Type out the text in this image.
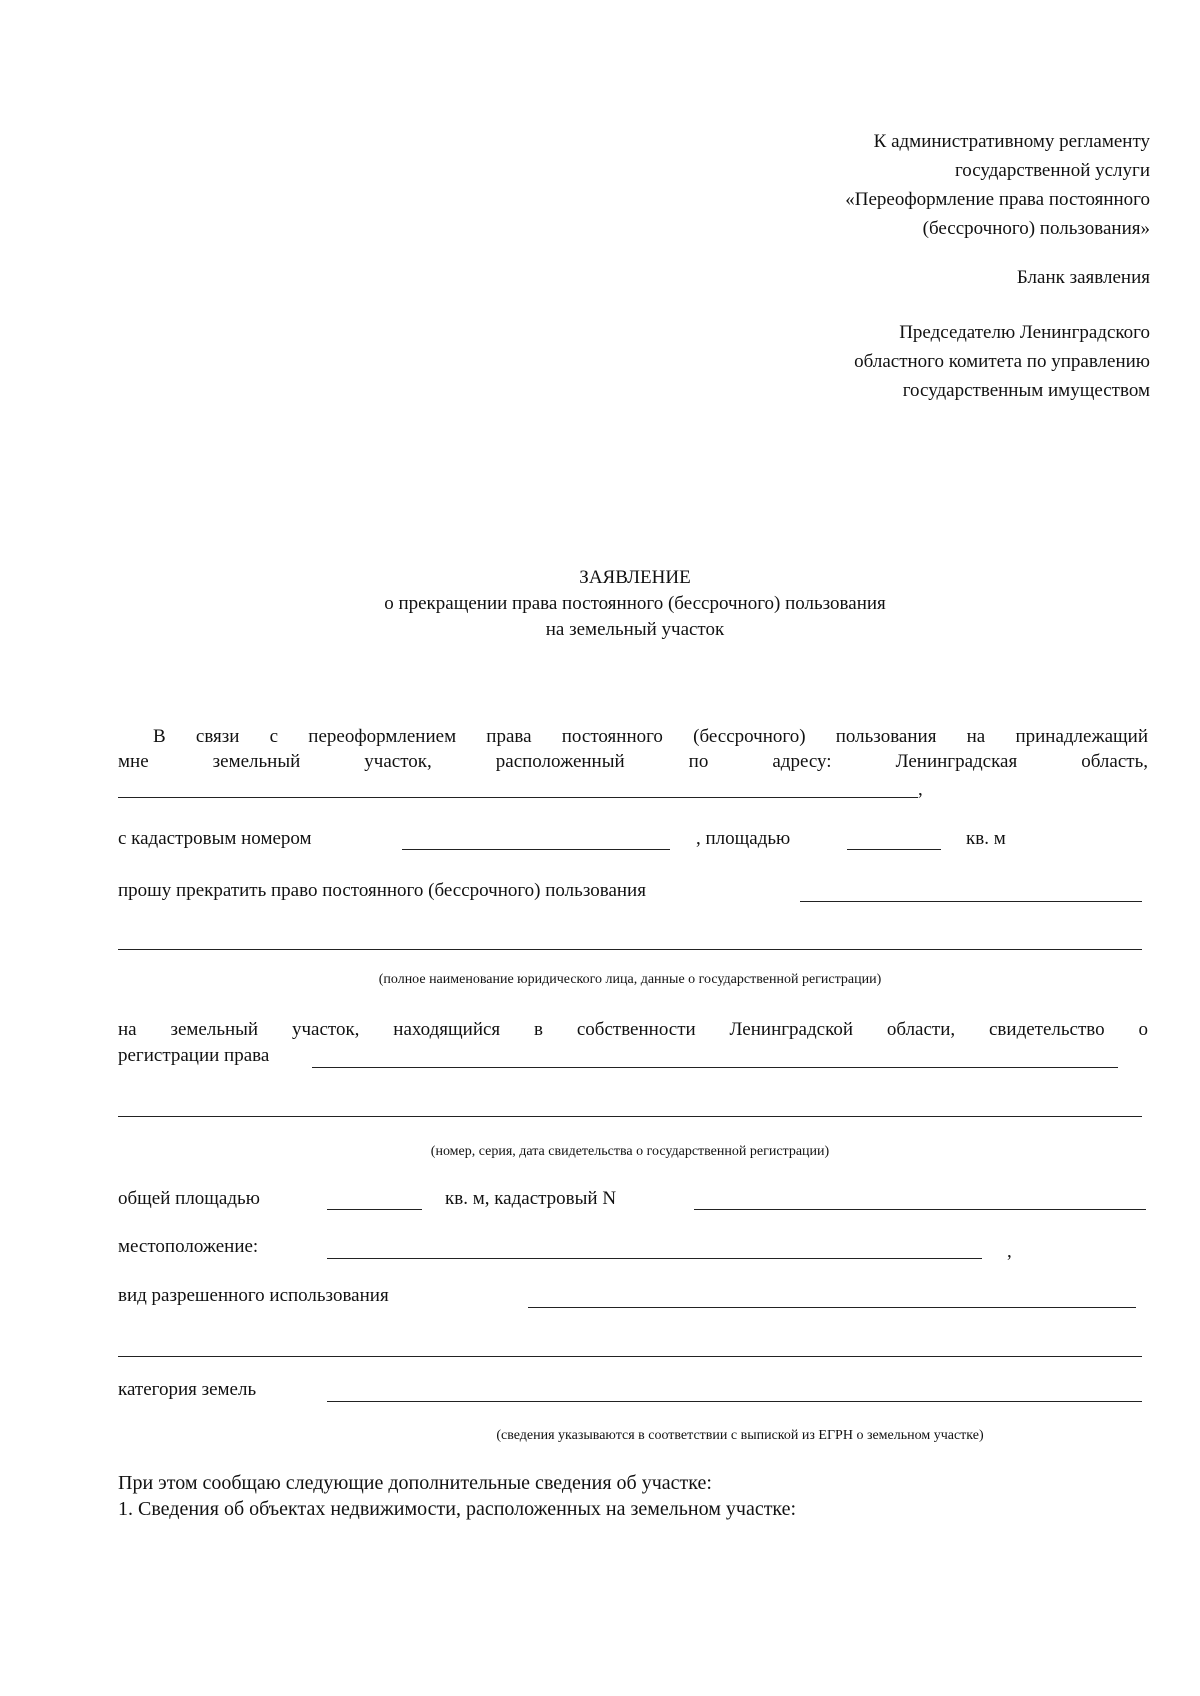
К административному регламенту
государственной услуги
«Переоформление права постоянного
(бессрочного) пользования»
Бланк заявления
Председателю Ленинградского
областного комитета по управлению
государственным имуществом
ЗАЯВЛЕНИЕ
о прекращении права постоянного (бессрочного) пользования
на земельный участок
В связи с переоформлением права постоянного (бессрочного) пользования на принадлежащий
мне земельный участок, расположенный по адресу: Ленинградская область,
,
с кадастровым номером	, площадью	кв. м
прошу прекратить право постоянного (бессрочного) пользования
(полное наименование юридического лица, данные о государственной регистрации)
на земельный участок, находящийся в собственности Ленинградской области, свидетельство о
регистрации права
(номер, серия, дата свидетельства о государственной регистрации)
общей площадью	кв. м, кадастровый N
местоположение:	,
вид разрешенного использования
категория земель
(сведения указываются в соответствии с выпиской из ЕГРН о земельном участке)
При этом сообщаю следующие дополнительные сведения об участке:
1. Сведения об объектах недвижимости, расположенных на земельном участке:
